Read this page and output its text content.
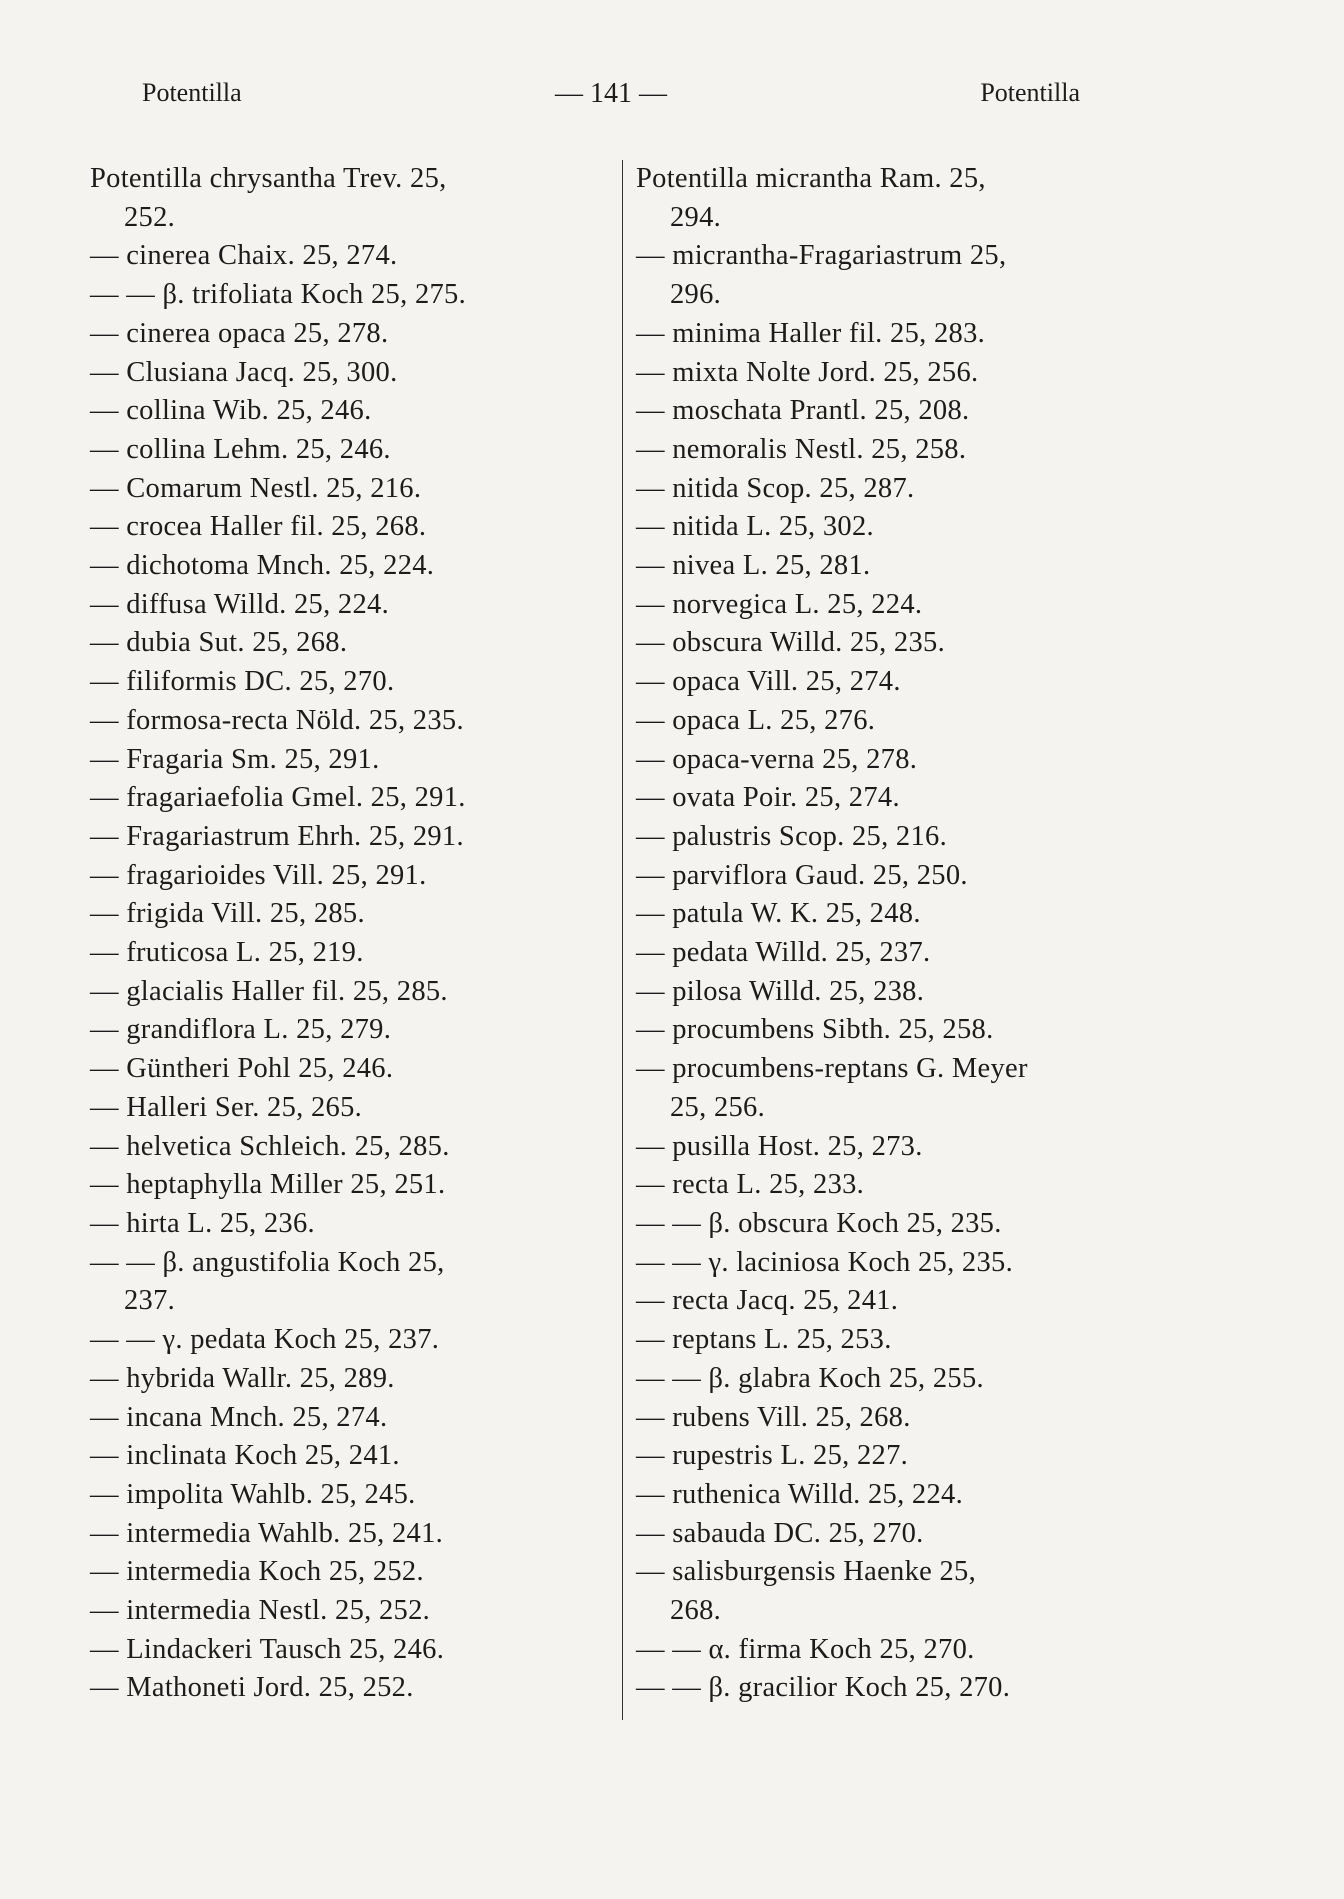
Potentilla	— 141 —	Potentilla
Potentilla chrysantha Trev. 25,
252.
— cinerea Chaix. 25, 274.
— — β. trifoliata Koch 25, 275.
— cinerea opaca 25, 278.
— Clusiana Jacq. 25, 300.
— collina Wib. 25, 246.
— collina Lehm. 25, 246.
— Comarum Nestl. 25, 216.
— crocea Haller fil. 25, 268.
— dichotoma Mnch. 25, 224.
— diffusa Willd. 25, 224.
— dubia Sut. 25, 268.
— filiformis DC. 25, 270.
— formosa-recta Nöld. 25, 235.
— Fragaria Sm. 25, 291.
— fragariaefolia Gmel. 25, 291.
— Fragariastrum Ehrh. 25, 291.
— fragarioides Vill. 25, 291.
— frigida Vill. 25, 285.
— fruticosa L. 25, 219.
— glacialis Haller fil. 25, 285.
— grandiflora L. 25, 279.
— Güntheri Pohl 25, 246.
— Halleri Ser. 25, 265.
— helvetica Schleich. 25, 285.
— heptaphylla Miller 25, 251.
— hirta L. 25, 236.
— — β. angustifolia Koch 25,
237.
— — γ. pedata Koch 25, 237.
— hybrida Wallr. 25, 289.
— incana Mnch. 25, 274.
— inclinata Koch 25, 241.
— impolita Wahlb. 25, 245.
— intermedia Wahlb. 25, 241.
— intermedia Koch 25, 252.
— intermedia Nestl. 25, 252.
— Lindackeri Tausch 25, 246.
— Mathoneti Jord. 25, 252.
Potentilla micrantha Ram. 25,
294.
— micrantha-Fragariastrum 25,
296.
— minima Haller fil. 25, 283.
— mixta Nolte Jord. 25, 256.
— moschata Prantl. 25, 208.
— nemoralis Nestl. 25, 258.
— nitida Scop. 25, 287.
— nitida L. 25, 302.
— nivea L. 25, 281.
— norvegica L. 25, 224.
— obscura Willd. 25, 235.
— opaca Vill. 25, 274.
— opaca L. 25, 276.
— opaca-verna 25, 278.
— ovata Poir. 25, 274.
— palustris Scop. 25, 216.
— parviflora Gaud. 25, 250.
— patula W. K. 25, 248.
— pedata Willd. 25, 237.
— pilosa Willd. 25, 238.
— procumbens Sibth. 25, 258.
— procumbens-reptans G. Meyer
25, 256.
— pusilla Host. 25, 273.
— recta L. 25, 233.
— — β. obscura Koch 25, 235.
— — γ. laciniosa Koch 25, 235.
— recta Jacq. 25, 241.
— reptans L. 25, 253.
— — β. glabra Koch 25, 255.
— rubens Vill. 25, 268.
— rupestris L. 25, 227.
— ruthenica Willd. 25, 224.
— sabauda DC. 25, 270.
— salisburgensis Haenke 25,
268.
— — α. firma Koch 25, 270.
— — β. gracilior Koch 25, 270.
